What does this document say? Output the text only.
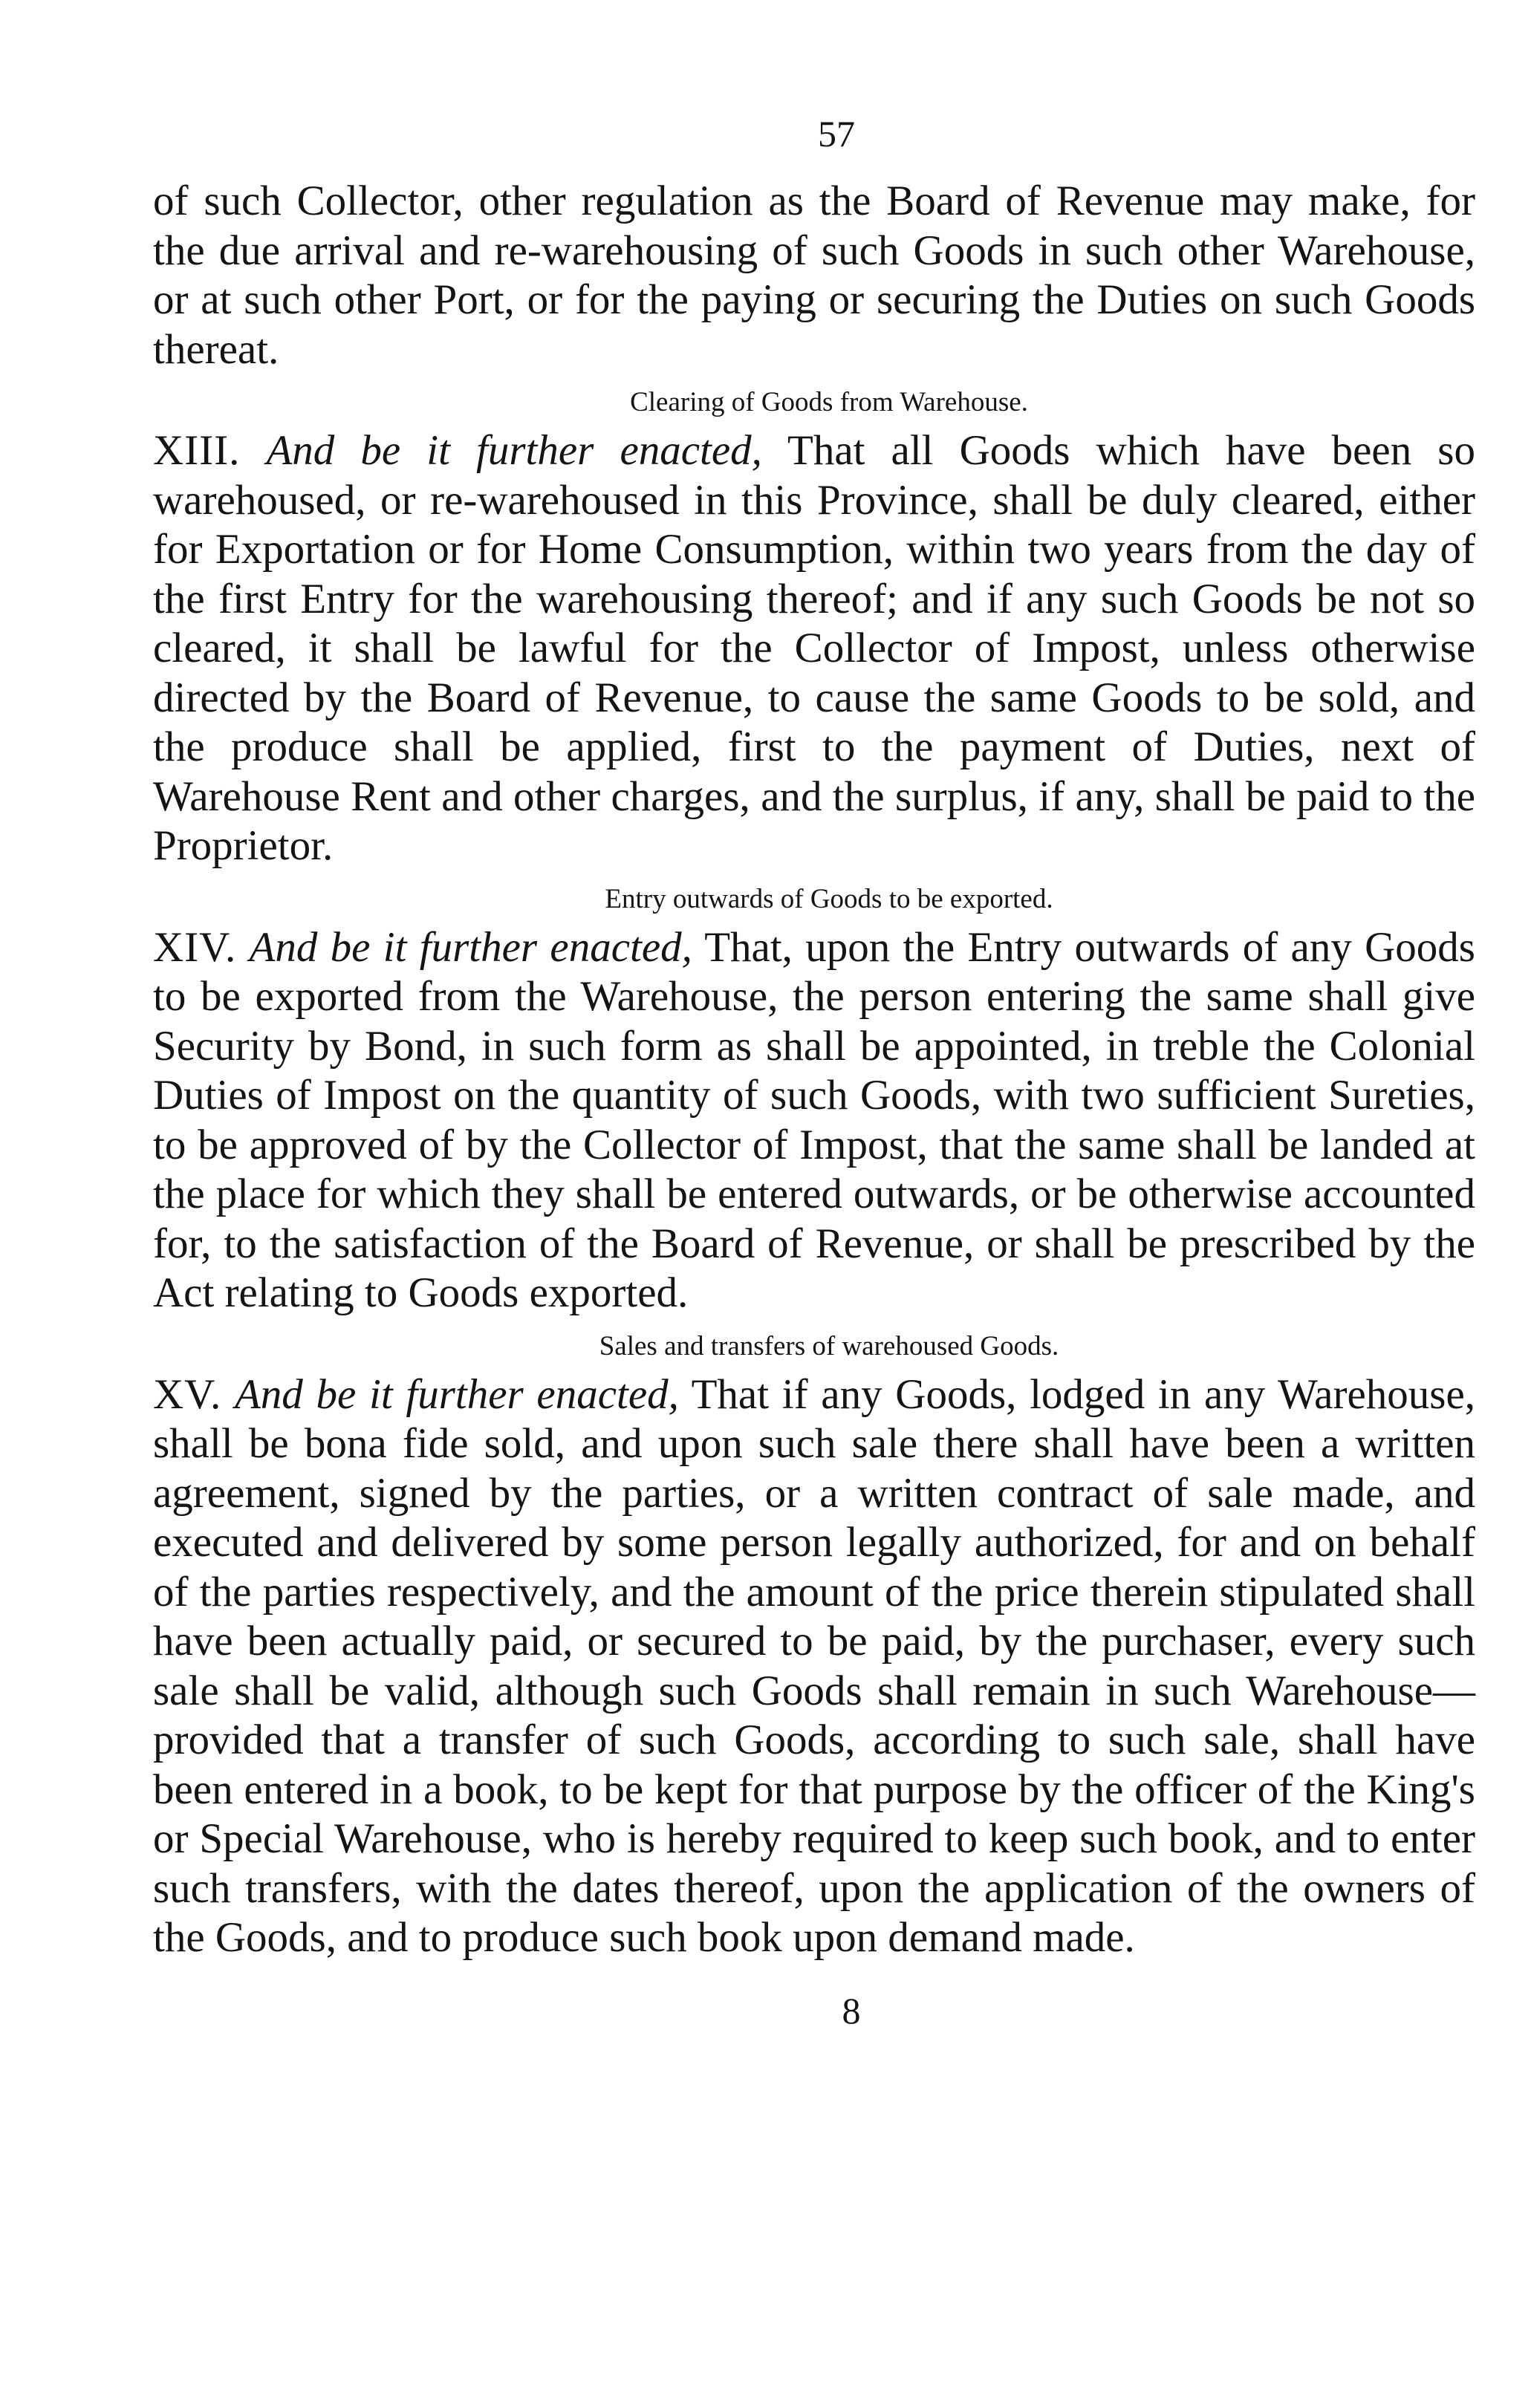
57

of such Collector, other regulation as the Board of Revenue may make, for the due arrival and re-warehousing of such Goods in such other Warehouse, or at such other Port, or for the paying or securing the Duties on such Goods thereat.

Clearing of Goods from Warehouse.

XIII. And be it further enacted, That all Goods which have been so warehoused, or re-warehoused in this Province, shall be duly cleared, either for Exportation or for Home Consumption, within two years from the day of the first Entry for the warehousing thereof; and if any such Goods be not so cleared, it shall be lawful for the Collector of Impost, unless otherwise directed by the Board of Revenue, to cause the same Goods to be sold, and the produce shall be applied, first to the payment of Duties, next of Warehouse Rent and other charges, and the surplus, if any, shall be paid to the Proprietor.

Entry outwards of Goods to be exported.

XIV. And be it further enacted, That, upon the Entry outwards of any Goods to be exported from the Warehouse, the person entering the same shall give Security by Bond, in such form as shall be appointed, in treble the Colonial Duties of Impost on the quantity of such Goods, with two sufficient Sureties, to be approved of by the Collector of Impost, that the same shall be landed at the place for which they shall be entered outwards, or be otherwise accounted for, to the satisfaction of the Board of Revenue, or shall be prescribed by the Act relating to Goods exported.

Sales and transfers of warehoused Goods.

XV. And be it further enacted, That if any Goods, lodged in any Warehouse, shall be bona fide sold, and upon such sale there shall have been a written agreement, signed by the parties, or a written contract of sale made, and executed and delivered by some person legally authorized, for and on behalf of the parties respectively, and the amount of the price therein stipulated shall have been actually paid, or secured to be paid, by the purchaser, every such sale shall be valid, although such Goods shall remain in such Warehouse—provided that a transfer of such Goods, according to such sale, shall have been entered in a book, to be kept for that purpose by the officer of the King's or Special Warehouse, who is hereby required to keep such book, and to enter such transfers, with the dates thereof, upon the application of the owners of the Goods, and to produce such book upon demand made.

8
